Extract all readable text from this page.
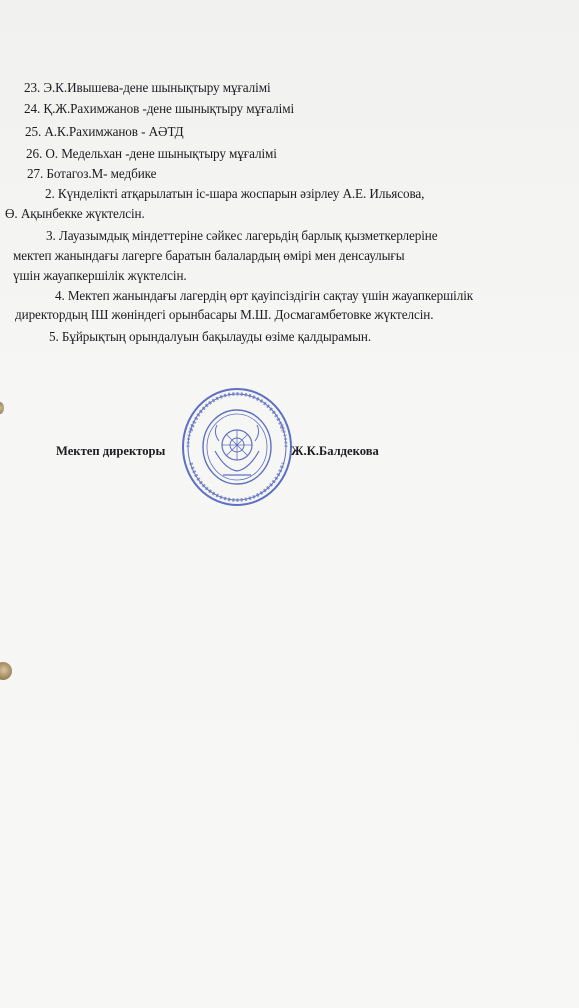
23. Э.К.Ивышева-дене шынықтыру мұғалімі
24. Қ.Ж.Рахимжанов -дене шынықтыру мұғалімі
25. А.К.Рахимжанов - АӘТД
26. О. Медельхан -дене шынықтыру мұғалімі
27. Ботагоз.М- медбике
2. Күнделікті атқарылатын іс-шара жоспарын әзірлеу А.Е. Ильясова,
Ө. Ақынбекке жүктелсін.
3. Лауазымдық міндеттеріне сәйкес лагерьдің барлық қызметкерлеріне
мектеп жанындағы лагерге баратын балалардың өмірі мен денсаулығы
үшін жауапкершілік жүктелсін.
4. Мектеп жанындағы лагердің өрт қауіпсіздігін сақтау үшін жауапкершілік
директордың ІШ жөніндегі орынбасары М.Ш. Досмагамбетовке жүктелсін.
5. Бұйрықтың орындалуын бақылауды өзіме қалдырамын.
Мектеп директоры	Ж.К.Балдекова
